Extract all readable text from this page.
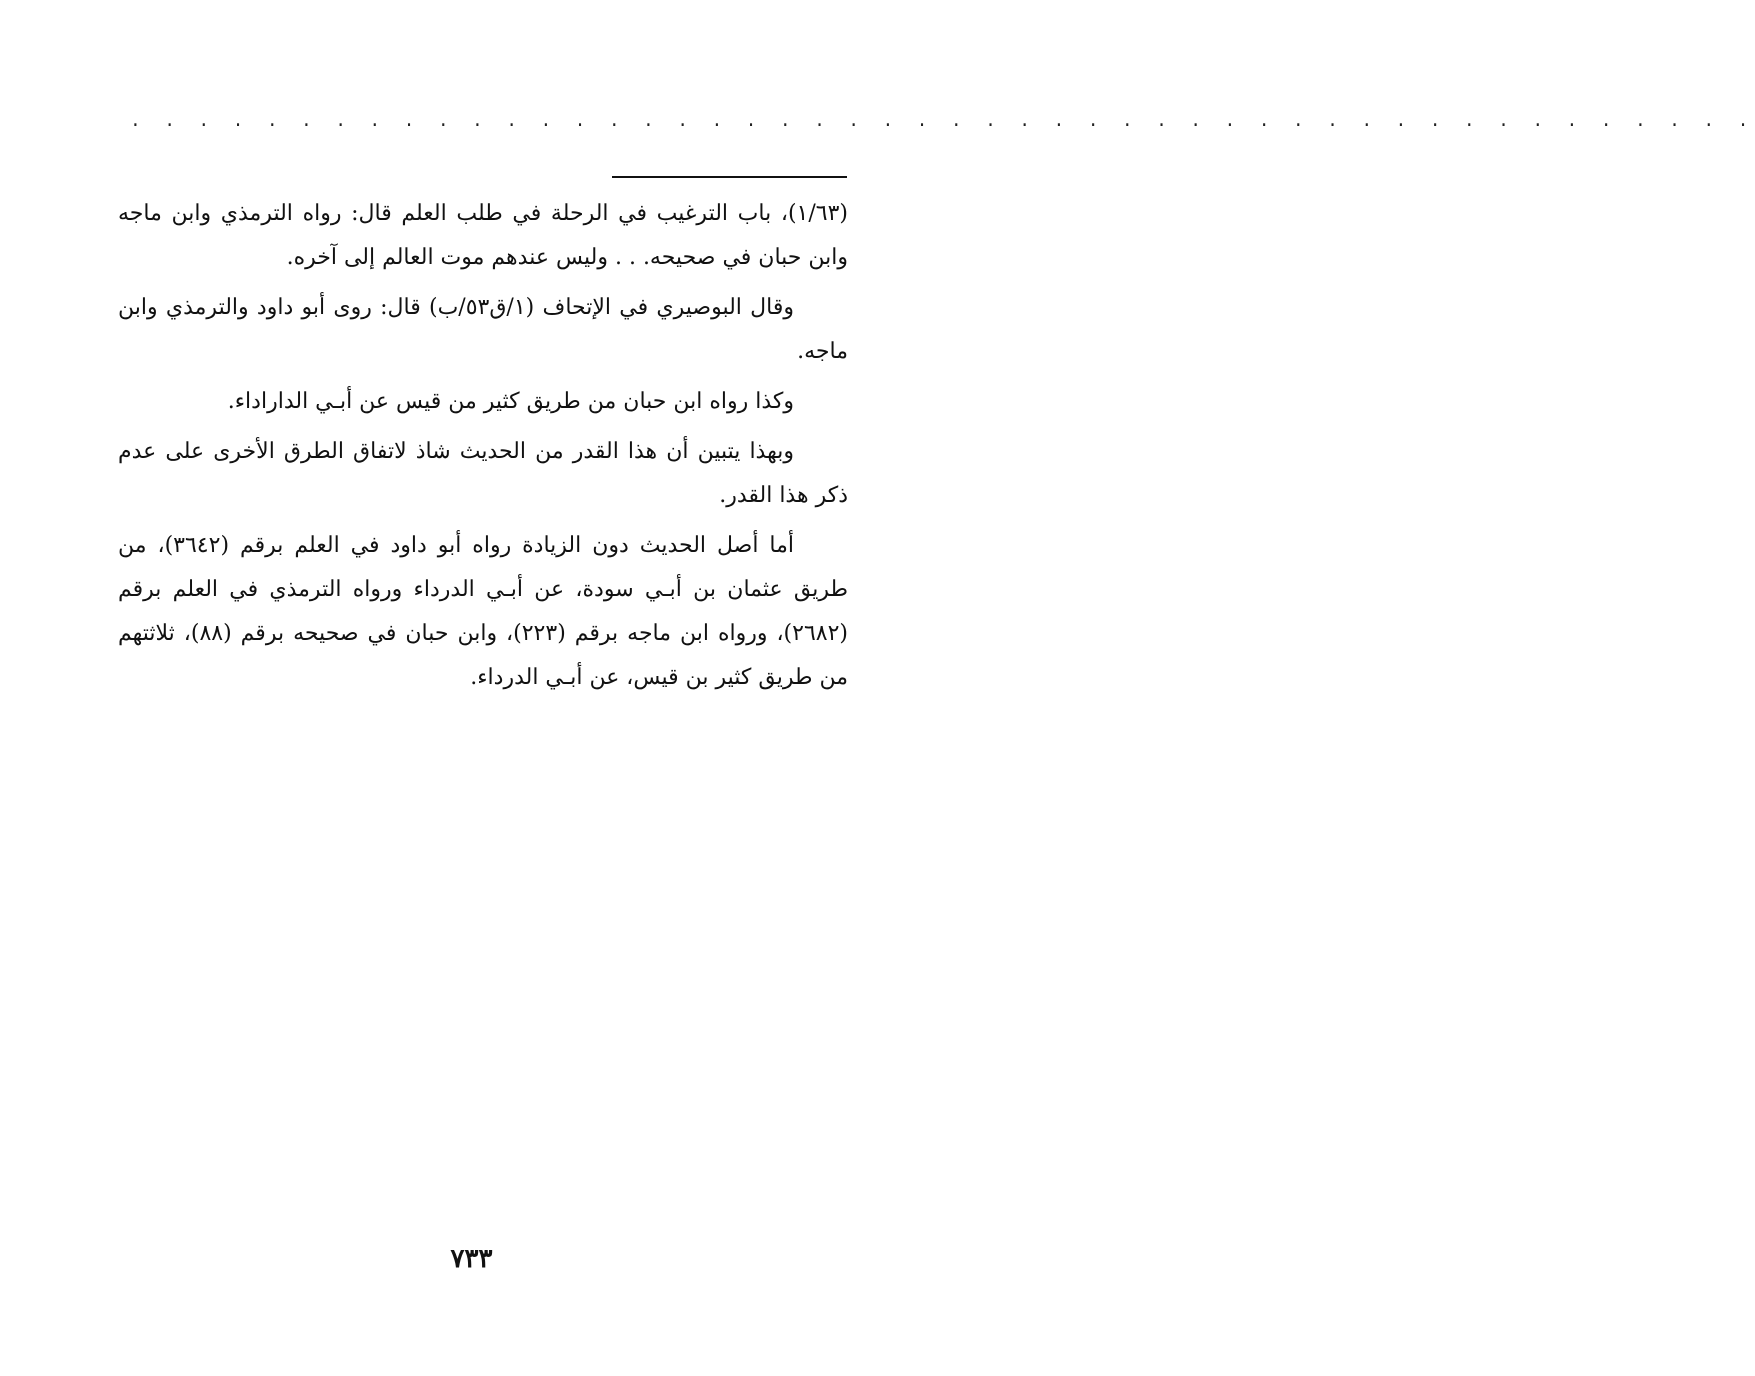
. . . . . . . . . . . . . . . . . . . . . . . . . . . . . . . . . . . . . . . . . . . . . . . .

(١/٦٣)، باب الترغيب في الرحلة في طلب العلم قال: رواه الترمذي وابن ماجه وابن حبان في صحيحه. . . وليس عندهم موت العالم إلى آخره.

وقال البوصيري في الإتحاف (١/ق٥٣/ب) قال: روى أبو داود والترمذي وابن ماجه.

وكذا رواه ابن حبان من طريق كثير من قيس عن أبـي الداراداء.

وبهذا يتبين أن هذا القدر من الحديث شاذ لاتفاق الطرق الأخرى على عدم ذكر هذا القدر.

أما أصل الحديث دون الزيادة رواه أبو داود في العلم برقم (٣٦٤٢)، من طريق عثمان بن أبـي سودة، عن أبـي الدرداء ورواه الترمذي في العلم برقم (٢٦٨٢)، ورواه ابن ماجه برقم (٢٢٣)، وابن حبان في صحيحه برقم (٨٨)، ثلاثتهم من طريق كثير بن قيس، عن أبـي الدرداء.

٧٣٣
